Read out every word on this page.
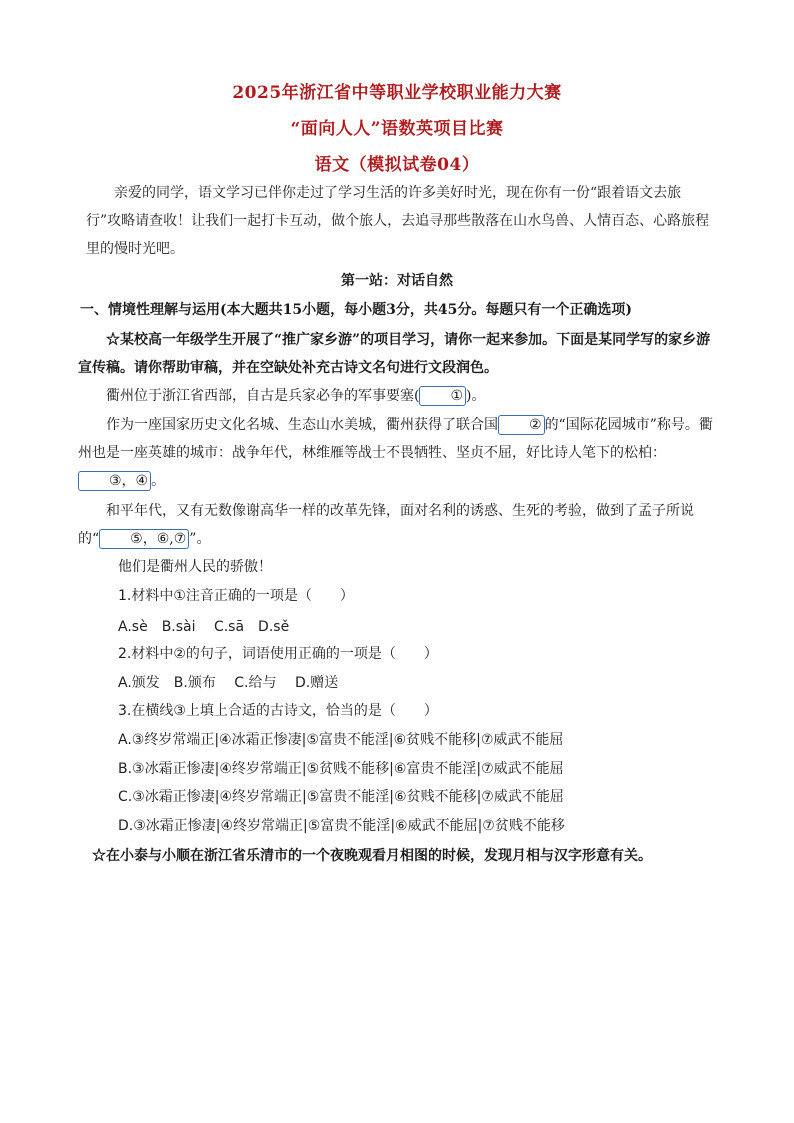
2025年浙江省中等职业学校职业能力大赛
“面向人人”语数英项目比赛
语文（模拟试卷04）
亲爱的同学，语文学习已伴你走过了学习生活的许多美好时光，现在你有一份“跟着语文去旅行”攻略请查收！让我们一起打卡互动，做个旅人，去追寻那些散落在山水鸟兽、人情百态、心路旅程里的慢时光吧。
第一站：对话自然
一、情境性理解与运用(本大题共15小题，每小题3分，共45分。每题只有一个正确选项)
☆某校高一年级学生开展了“推广家乡游”的项目学习，请你一起来参加。下面是某同学写的家乡游宣传稿。请你帮助审稿，并在空缺处补充古诗文名句进行文段润色。
衢州位于浙江省西部，自古是兵家必争的军事要塞( ① )。
作为一座国家历史文化名城、生态山水美城，衢州获得了联合国 ② 的“国际花园城市”称号。衢州也是一座英雄的城市：战争年代，林维雁等战士不畏牺牲、坚贞不屈，好比诗人笔下的松柏：③，④ 。
和平年代，又有无数像谢高华一样的改革先锋，面对名利的诱惑、生死的考验，做到了孟子所说的“ ⑤，⑥,⑦ ”。
他们是衢州人民的骄傲！
1.材料中①注音正确的一项是（　　）
A.sè　B.sài　 C.sā　D.sě
2.材料中②的句子，词语使用正确的一项是（　　）
A.颁发　B.颁布　 C.给与　 D.赠送
3.在横线③上填上合适的古诗文，恰当的是（　　）
A.③终岁常端正|④冰霜正惨凄|⑤富贵不能淫|⑥贫贱不能移|⑦威武不能屈
B.③冰霜正惨凄|④终岁常端正|⑤贫贱不能移|⑥富贵不能淫|⑦威武不能屈
C.③冰霜正惨凄|④终岁常端正|⑤富贵不能淫|⑥贫贱不能移|⑦威武不能屈
D.③冰霜正惨凄|④终岁常端正|⑤富贵不能淫|⑥威武不能屈|⑦贫贱不能移
☆在小泰与小顺在浙江省乐清市的一个夜晚观看月相图的时候，发现月相与汉字形意有关。
